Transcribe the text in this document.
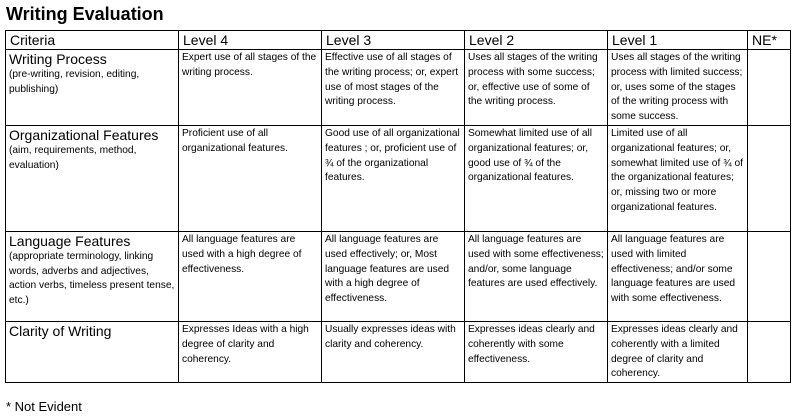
Writing Evaluation
Criteria	Level 4	Level 3	Level 2	Level 1	NE*

Writing Process
(pre-writing, revision, editing, publishing)	Expert use of all stages of the writing process.	Effective use of all stages of the writing process; or, expert use of most stages of the writing process.	Uses all stages of the writing process with some success; or, effective use of some of the writing process.	Uses all stages of the writing process with limited success; or, uses some of the stages of the writing process with some success.	

Organizational Features
(aim, requirements, method, evaluation)	Proficient use of all organizational features.	Good use of all organizational features ; or, proficient use of ¾ of the organizational features.	Somewhat limited use of all organizational features; or, good use of ¾ of the organizational features.	Limited use of all organizational features; or, somewhat limited use of ¾ of the organizational features; or, missing two or more organizational features.	

Language Features
(appropriate terminology, linking words, adverbs and adjectives, action verbs, timeless present tense, etc.)	All language features are used with a high degree of effectiveness.	All language features are used effectively; or, Most language features are used with a high degree of effectiveness.	All language features are used with some effectiveness; and/or, some language features are used effectively.	All language features are used with limited effectiveness; and/or some language features are used with some effectiveness.	

Clarity of Writing	Expresses Ideas with a high degree of clarity and coherency.	Usually expresses ideas with clarity and coherency.	Expresses ideas clearly and coherently with some effectiveness.	Expresses ideas clearly and coherently with a limited degree of clarity and coherency.	
* Not Evident
